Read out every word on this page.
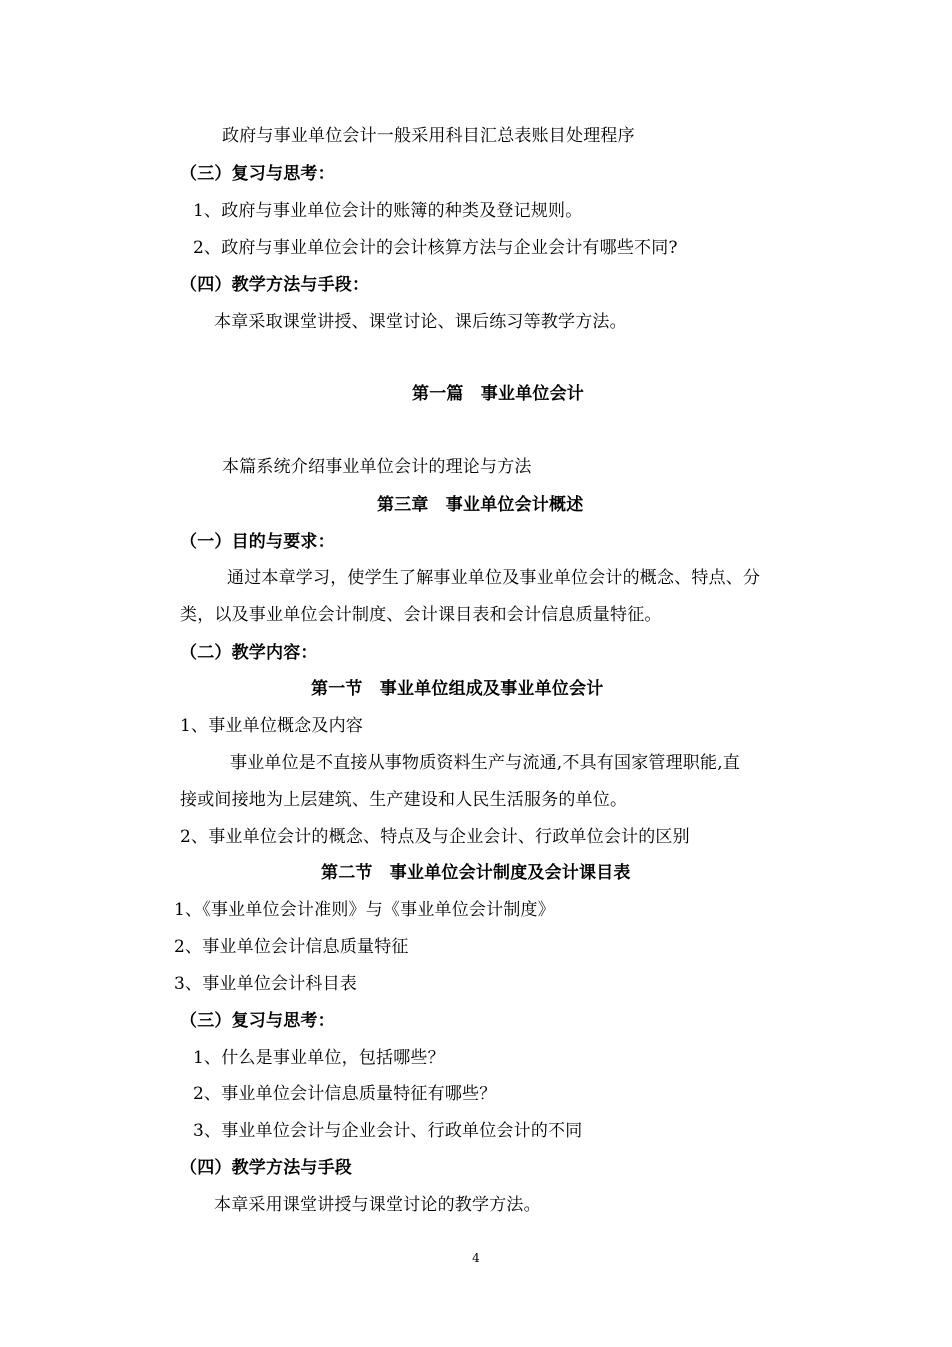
政府与事业单位会计一般采用科目汇总表账目处理程序
（三）复习与思考：
1、政府与事业单位会计的账簿的种类及登记规则。
2、政府与事业单位会计的会计核算方法与企业会计有哪些不同?
（四）教学方法与手段：
本章采取课堂讲授、课堂讨论、课后练习等教学方法。
第一篇　事业单位会计
本篇系统介绍事业单位会计的理论与方法
第三章　事业单位会计概述
（一）目的与要求：
通过本章学习，使学生了解事业单位及事业单位会计的概念、特点、分
类，以及事业单位会计制度、会计课目表和会计信息质量特征。
（二）教学内容：
第一节　事业单位组成及事业单位会计
1、事业单位概念及内容
事业单位是不直接从事物质资料生产与流通,不具有国家管理职能,直
接或间接地为上层建筑、生产建设和人民生活服务的单位。
2、事业单位会计的概念、特点及与企业会计、行政单位会计的区别
第二节　事业单位会计制度及会计课目表
1、《事业单位会计准则》与《事业单位会计制度》
2、事业单位会计信息质量特征
3、事业单位会计科目表
（三）复习与思考：
1、什么是事业单位，包括哪些？
2、事业单位会计信息质量特征有哪些？
3、事业单位会计与企业会计、行政单位会计的不同
（四）教学方法与手段
本章采用课堂讲授与课堂讨论的教学方法。
4
